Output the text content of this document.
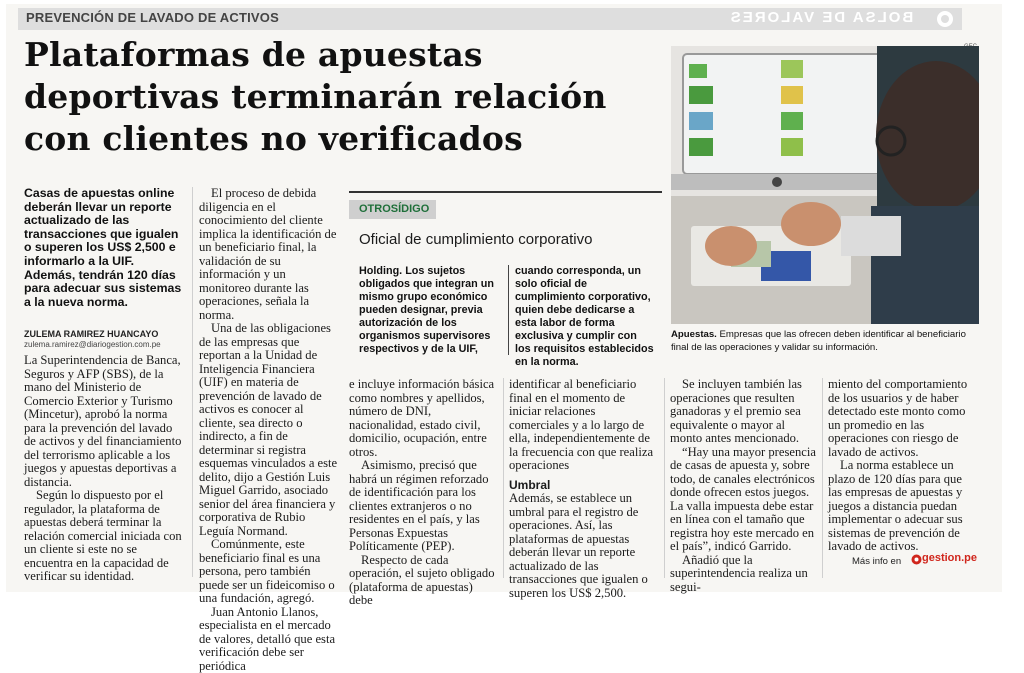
PREVENCIÓN DE LAVADO DE ACTIVOS	BOLSA DE VALORES
Plataformas de apuestas
deportivas terminarán relación
con clientes no verificados
Casas de apuestas online deberán llevar un reporte actualizado de las transacciones que igualen o superen los US$ 2,500 e informarlo a la UIF. Además, tendrán 120 días para adecuar sus sistemas a la nueva norma.
ZULEMA RAMIREZ HUANCAYO
zulema.ramirez@diariogestion.com.pe

La Superintendencia de Banca, Seguros y AFP (SBS), de la mano del Ministerio de Comercio Exterior y Turismo (Mincetur), aprobó la norma para la prevención del lavado de activos y del financiamiento del terrorismo aplicable a los juegos y apuestas deportivas a distancia.

Según lo dispuesto por el regulador, la plataforma de apuestas deberá terminar la relación comercial iniciada con un cliente si este no se encuentra en la capacidad de verificar su identidad.

El proceso de debida diligencia en el conocimiento del cliente implica la identificación de un beneficiario final, la validación de su información y un monitoreo durante las operaciones, señala la norma.

Una de las obligaciones de las empresas que reportan a la Unidad de Inteligencia Financiera (UIF) en materia de prevención de lavado de activos es conocer al cliente, sea directo o indirecto, a fin de determinar si registra esquemas vinculados a este delito, dijo a Gestión Luis Miguel Garrido, asociado senior del área financiera y corporativa de Rubio Leguía Normand.

Comúnmente, este beneficiario final es una persona, pero también puede ser un fideicomiso o una fundación, agregó.

Juan Antonio Llanos, especialista en el mercado de valores, detalló que esta verificación debe ser periódica

OTROSÍDIGO
Oficial de cumplimiento corporativo
Holding. Los sujetos obligados que integran un mismo grupo económico pueden designar, previa autorización de los organismos supervisores respectivos y de la UIF,
cuando corresponda, un solo oficial de cumplimiento corporativo, quien debe dedicarse a esta labor de forma exclusiva y cumplir con los requisitos establecidos en la norma.

e incluye información básica como nombres y apellidos, número de DNI, nacionalidad, estado civil, domicilio, ocupación, entre otros.

Asimismo, precisó que habrá un régimen reforzado de identificación para los clientes extranjeros o no residentes en el país, y las Personas Expuestas Políticamente (PEP).

Respecto de cada operación, el sujeto obligado (plataforma de apuestas) debe

identificar al beneficiario final en el momento de iniciar relaciones comerciales y a lo largo de ella, independientemente de la frecuencia con que realiza operaciones

Umbral

Además, se establece un umbral para el registro de operaciones. Así, las plataformas de apuestas deberán llevar un reporte actualizado de las transacciones que igualen o superen los US$ 2,500.

Se incluyen también las operaciones que resulten ganadoras y el premio sea equivalente o mayor al monto antes mencionado.

“Hay una mayor presencia de casas de apuesta y, sobre todo, de canales electrónicos donde ofrecen estos juegos. La valla impuesta debe estar en línea con el tamaño que registra hoy este mercado en el país”, indicó Garrido.

Añadió que la superintendencia realiza un segui-

miento del comportamiento de los usuarios y de haber detectado este monto como un promedio en las operaciones con riesgo de lavado de activos.

La norma establece un plazo de 120 días para que las empresas de apuestas y juegos a distancia puedan implementar o adecuar sus sistemas de prevención de lavado de activos.

Apuestas. Empresas que las ofrecen deben identificar al beneficiario final de las operaciones y validar su información.
Más info en gestion.pe
